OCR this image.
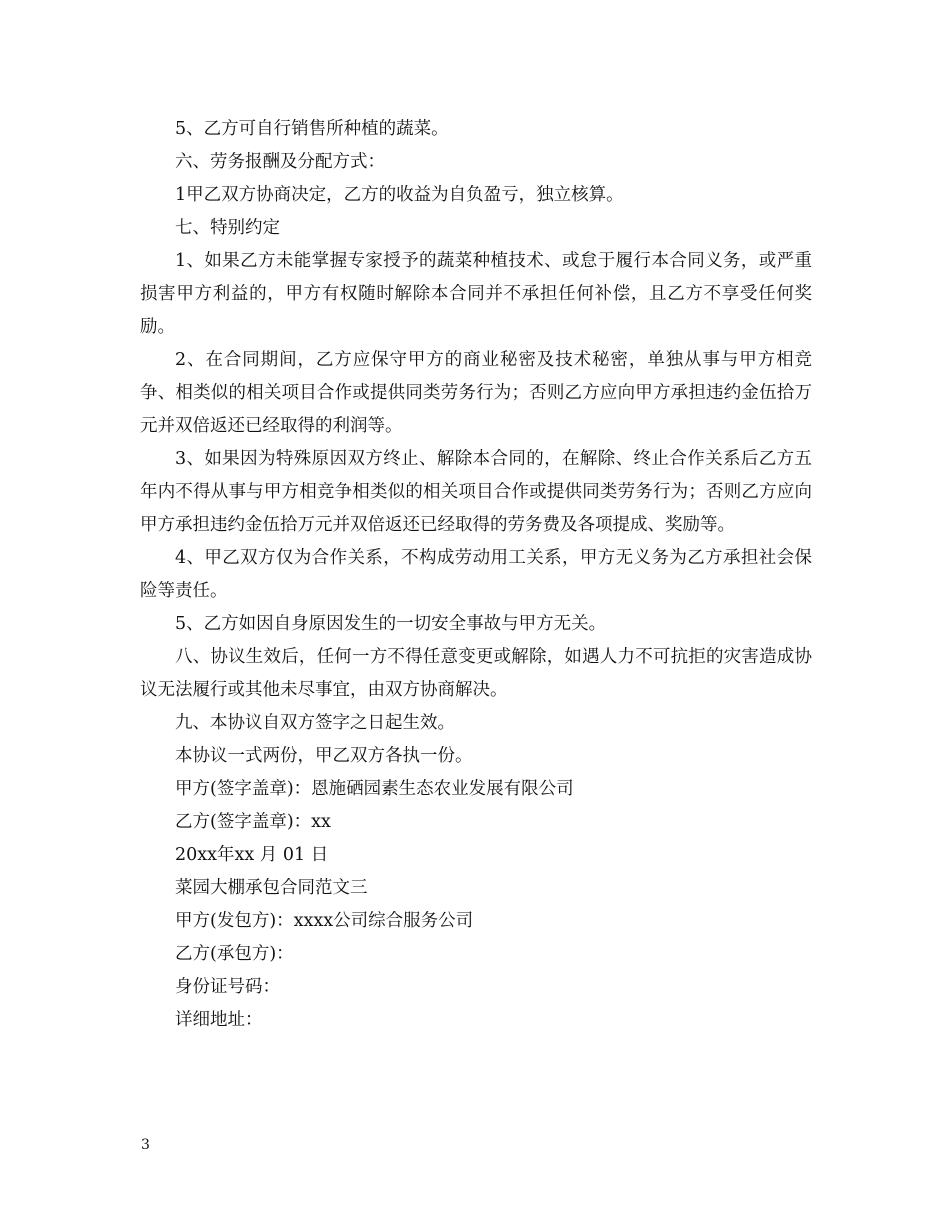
5、乙方可自行销售所种植的蔬菜。

六、劳务报酬及分配方式：

1甲乙双方协商决定，乙方的收益为自负盈亏，独立核算。

七、特别约定

1、如果乙方未能掌握专家授予的蔬菜种植技术、或怠于履行本合同义务，或严重损害甲方利益的，甲方有权随时解除本合同并不承担任何补偿，且乙方不享受任何奖励。

2、在合同期间，乙方应保守甲方的商业秘密及技术秘密，单独从事与甲方相竞争、相类似的相关项目合作或提供同类劳务行为；否则乙方应向甲方承担违约金伍拾万元并双倍返还已经取得的利润等。

3、如果因为特殊原因双方终止、解除本合同的，在解除、终止合作关系后乙方五年内不得从事与甲方相竞争相类似的相关项目合作或提供同类劳务行为；否则乙方应向甲方承担违约金伍拾万元并双倍返还已经取得的劳务费及各项提成、奖励等。

4、甲乙双方仅为合作关系，不构成劳动用工关系，甲方无义务为乙方承担社会保险等责任。

5、乙方如因自身原因发生的一切安全事故与甲方无关。

八、协议生效后，任何一方不得任意变更或解除，如遇人力不可抗拒的灾害造成协议无法履行或其他未尽事宜，由双方协商解决。

九、本协议自双方签字之日起生效。

本协议一式两份，甲乙双方各执一份。

甲方(签字盖章)：恩施硒园素生态农业发展有限公司

乙方(签字盖章)：xx

20xx年xx 月 01 日

菜园大棚承包合同范文三

甲方(发包方)：xxxx公司综合服务公司

乙方(承包方)：

身份证号码：

详细地址：

3
